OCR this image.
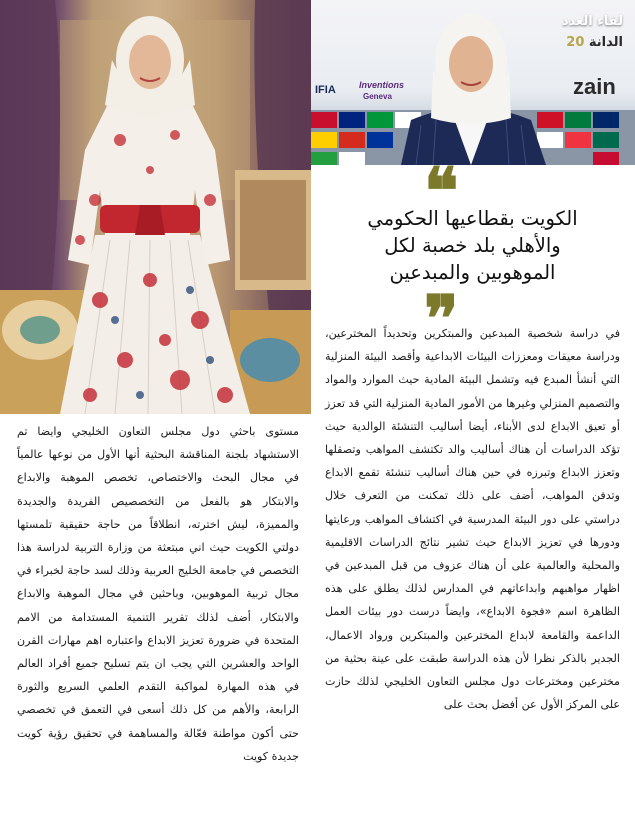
IFIA	Inventions
Geneva	zain
لقاء العدد
الدانة 20
❝
الكويت بقطاعيها الحكومي
والأهلي بلد خصبة لكل
الموهوبين والمبدعين
❞

في دراسة شخصية المبدعين والمبتكرين وتحديداً المخترعين، ودراسة معيقات ومعززات البيئات الابداعية وأقصد البيئة المنزلية التي أنشأ المبدع فيه وتشمل البيئة المادية حيث الموارد والمواد والتصميم المنزلي وغيرها من الأمور المادية المنزلية التي قد تعزز أو تعيق الابداع لدى الأبناء، أيضا أساليب التنشئة الوالدية حيث تؤكد الدراسات أن هناك أساليب والد تكتشف المواهب وتصقلها وتعزز الابداع وتبرزه في حين هناك أساليب تنشئة تقمع الابداع وتدفن المواهب، أضف على ذلك تمكنت من التعرف خلال دراستي على دور البيئة المدرسية في اكتشاف المواهب ورعايتها ودورها في تعزيز الابداع حيث تشير نتائج الدراسات الاقليمية والمحلية والعالمية على أن هناك عزوف من قبل المبدعين في اظهار مواهبهم وابداعاتهم في المدارس لذلك يطلق على هذه الظاهرة اسم «فجوة الابداع»، وايضاً درست دور بيئات العمل الداعمة والقامعة لابداع المخترعين والمبتكرين ورواد الاعمال، الجدير بالذكر نظرا لأن هذه الدراسة طبقت على عينة بحثية من مخترعين ومخترعات دول مجلس التعاون الخليجي لذلك حازت على المركز الأول عن أفضل بحث على

مستوى باحثي دول مجلس التعاون الخليجي وايضا تم الاستشهاد بلجنة المناقشة البحثية أنها الأول من نوعها عالمياً في مجال البحث والاختصاص، تخصص الموهبة والابداع والابتكار هو بالفعل من التخصصيص الفريدة والجديدة والمميزة، ليش اخترته، انطلاقاً من حاجة حقيقية تلمستها دولتي الكويت حيث اني مبتعثة من وزارة التربية لدراسة هذا التخصص في جامعة الخليج العربية وذلك لسد حاجة لخبراء في مجال تربية الموهوبين، وباحثين في مجال الموهبة والابداع والابتكار، أضف لذلك تقرير التنمية المستدامة من الامم المتحدة في ضرورة تعزيز الابداع واعتباره اهم مهارات القرن الواحد والعشرين التي يجب ان يتم تسليح جميع أفراد العالم في هذه المهارة لمواكبة التقدم العلمي السريع والثورة الرابعة، والأهم من كل ذلك أسعى في التعمق في تخصصي حتى أكون مواطنة فعّالة والمساهمة في تحقيق رؤية كويت جديدة كويت
